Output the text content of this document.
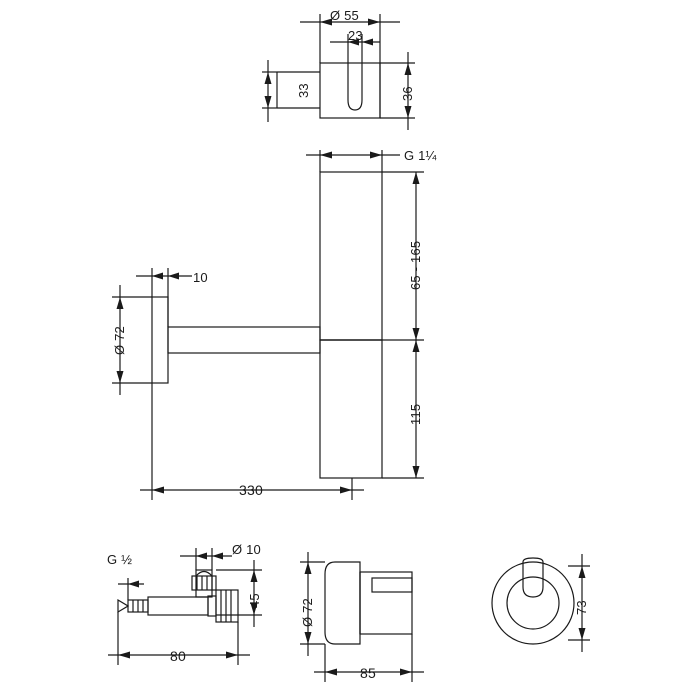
Ø 55
23
33	36
G 1¼
65 - 165
115
Ø 72
10
330
G ½
Ø 10
45
80
Ø 72
85
73
